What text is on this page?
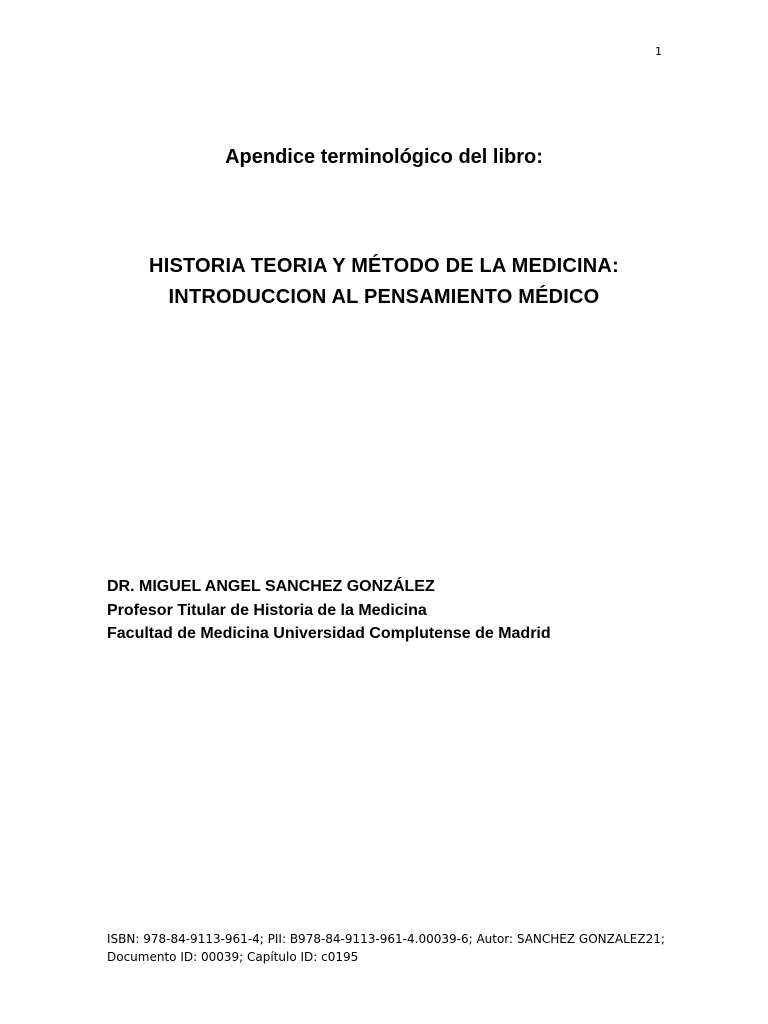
1
Apendice terminológico del libro:
HISTORIA TEORIA Y MÉTODO DE LA MEDICINA:
INTRODUCCION AL PENSAMIENTO MÉDICO
DR. MIGUEL ANGEL SANCHEZ GONZÁLEZ
Profesor Titular de Historia de la Medicina
Facultad de Medicina Universidad Complutense de Madrid
ISBN: 978-84-9113-961-4; PII: B978-84-9113-961-4.00039-6; Autor: SANCHEZ GONZALEZ21;
Documento ID: 00039; Capítulo ID: c0195
